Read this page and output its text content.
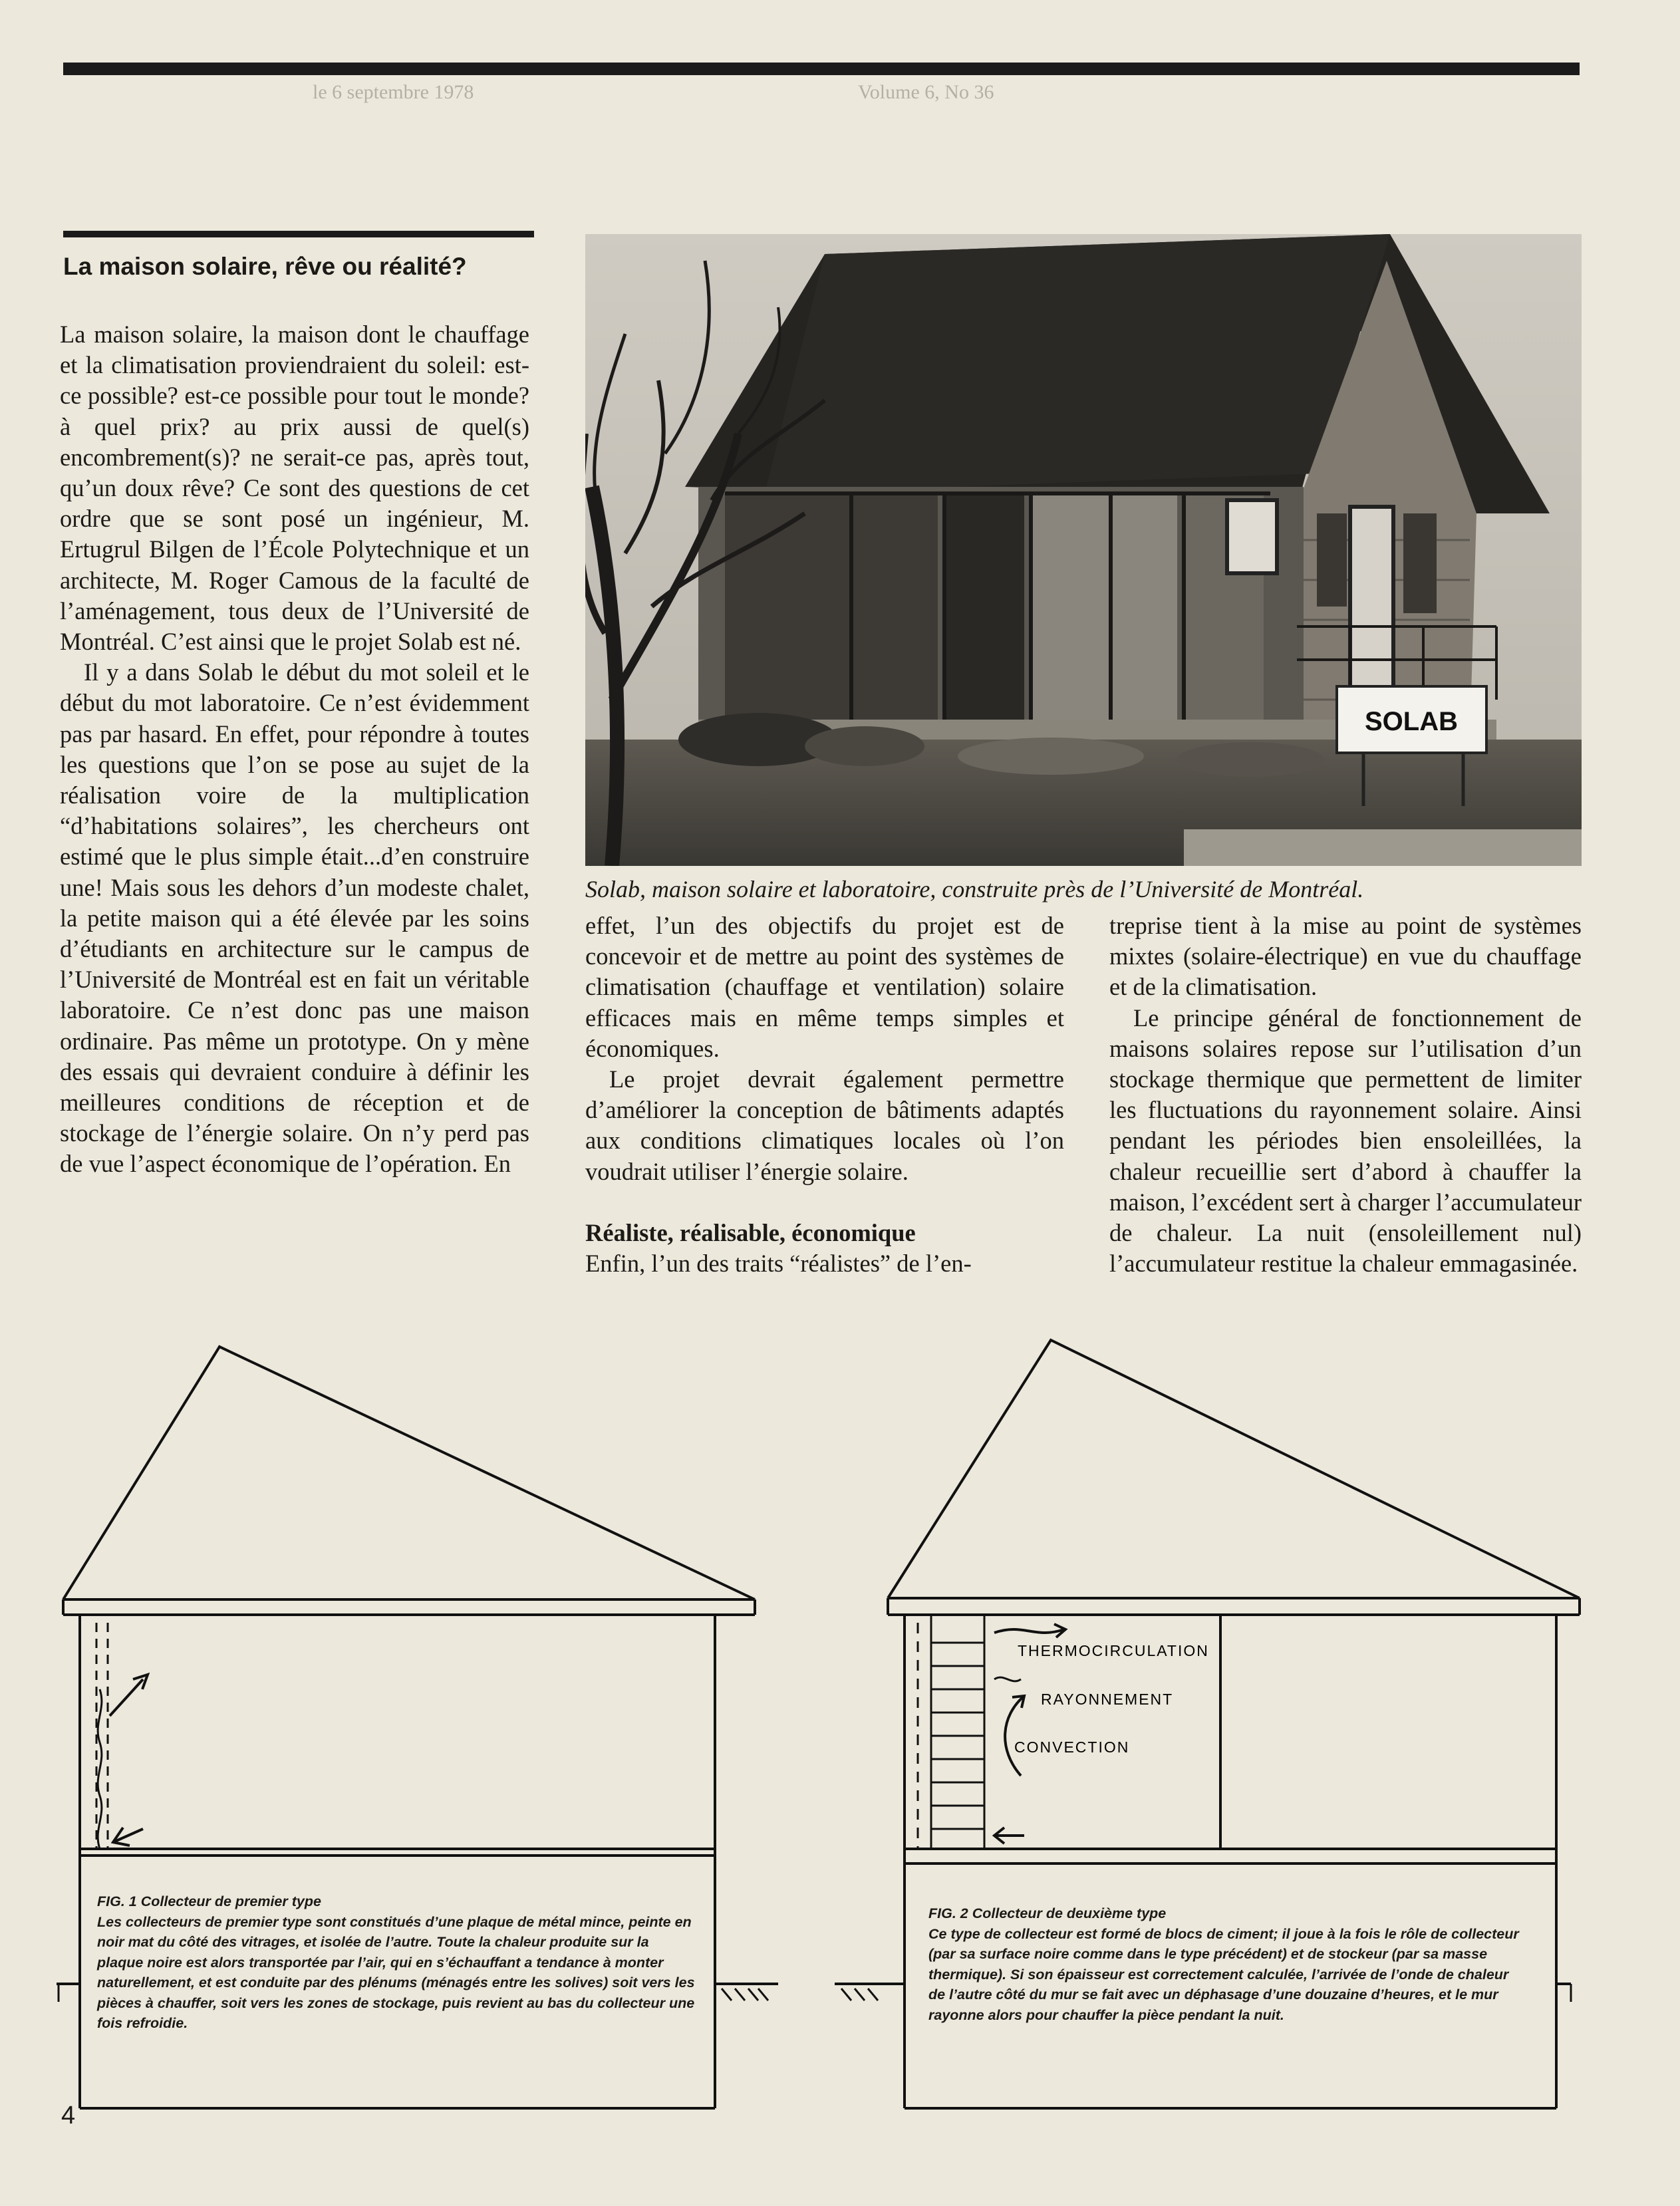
Volume 6, No 36
le 6 septembre 1978
La maison solaire, rêve ou réalité?

La maison solaire, la maison dont le chauffage et la climatisation proviendraient du soleil: est-ce possible? est-ce possible pour tout le monde? à quel prix? au prix aussi de quel(s) encombrement(s)? ne serait-ce pas, après tout, qu’un doux rêve? Ce sont des questions de cet ordre que se sont posé un ingénieur, M. Ertugrul Bilgen de l’École Polytechnique et un architecte, M. Roger Camous de la faculté de l’aménagement, tous deux de l’Université de Montréal. C’est ainsi que le projet Solab est né.

Il y a dans Solab le début du mot soleil et le début du mot laboratoire. Ce n’est évidemment pas par hasard. En effet, pour répondre à toutes les questions que l’on se pose au sujet de la réalisation voire de la multiplication “d’habitations solaires”, les chercheurs ont estimé que le plus simple était...d’en construire une! Mais sous les dehors d’un modeste chalet, la petite maison qui a été élevée par les soins d’étudiants en architecture sur le campus de l’Université de Montréal est en fait un véritable laboratoire. Ce n’est donc pas une maison ordinaire. Pas même un prototype. On y mène des essais qui devraient conduire à définir les meilleures conditions de réception et de stockage de l’énergie solaire. On n’y perd pas de vue l’aspect économique de l’opération. En

SOLAB
Solab, maison solaire et laboratoire, construite près de l’Université de Montréal.

effet, l’un des objectifs du projet est de concevoir et de mettre au point des systèmes de climatisation (chauffage et ventilation) solaire efficaces mais en même temps simples et économiques.

Le projet devrait également permettre d’améliorer la conception de bâtiments adaptés aux conditions climatiques locales où l’on voudrait utiliser l’énergie solaire.

Réaliste, réalisable, économique

Enfin, l’un des traits “réalistes” de l’en-

treprise tient à la mise au point de systèmes mixtes (solaire-électrique) en vue du chauffage et de la climatisation.

Le principe général de fonctionnement de maisons solaires repose sur l’utilisation d’un stockage thermique que permettent de limiter les fluctuations du rayonnement solaire. Ainsi pendant les périodes bien ensoleillées, la chaleur recueillie sert d’abord à chauffer la maison, l’excédent sert à charger l’accumulateur de chaleur. La nuit (ensoleillement nul) l’accumulateur restitue la chaleur emmagasinée.

THERMOCIRCULATION
RAYONNEMENT
CONVECTION
FIG. 1 Collecteur de premier type
Les collecteurs de premier type sont constitués d’une plaque de métal mince, peinte en noir mat du côté des vitrages, et isolée de l’autre. Toute la chaleur produite sur la plaque noire est alors transportée par l’air, qui en s’échauffant a tendance à monter naturellement, et est conduite par des plénums (ménagés entre les solives) soit vers les pièces à chauffer, soit vers les zones de stockage, puis revient au bas du collecteur une fois refroidie.
FIG. 2 Collecteur de deuxième type
Ce type de collecteur est formé de blocs de ciment; il joue à la fois le rôle de collecteur (par sa surface noire comme dans le type précédent) et de stockeur (par sa masse thermique). Si son épaisseur est correctement calculée, l’arrivée de l’onde de chaleur de l’autre côté du mur se fait avec un déphasage d’une douzaine d’heures, et le mur rayonne alors pour chauffer la pièce pendant la nuit.
4
